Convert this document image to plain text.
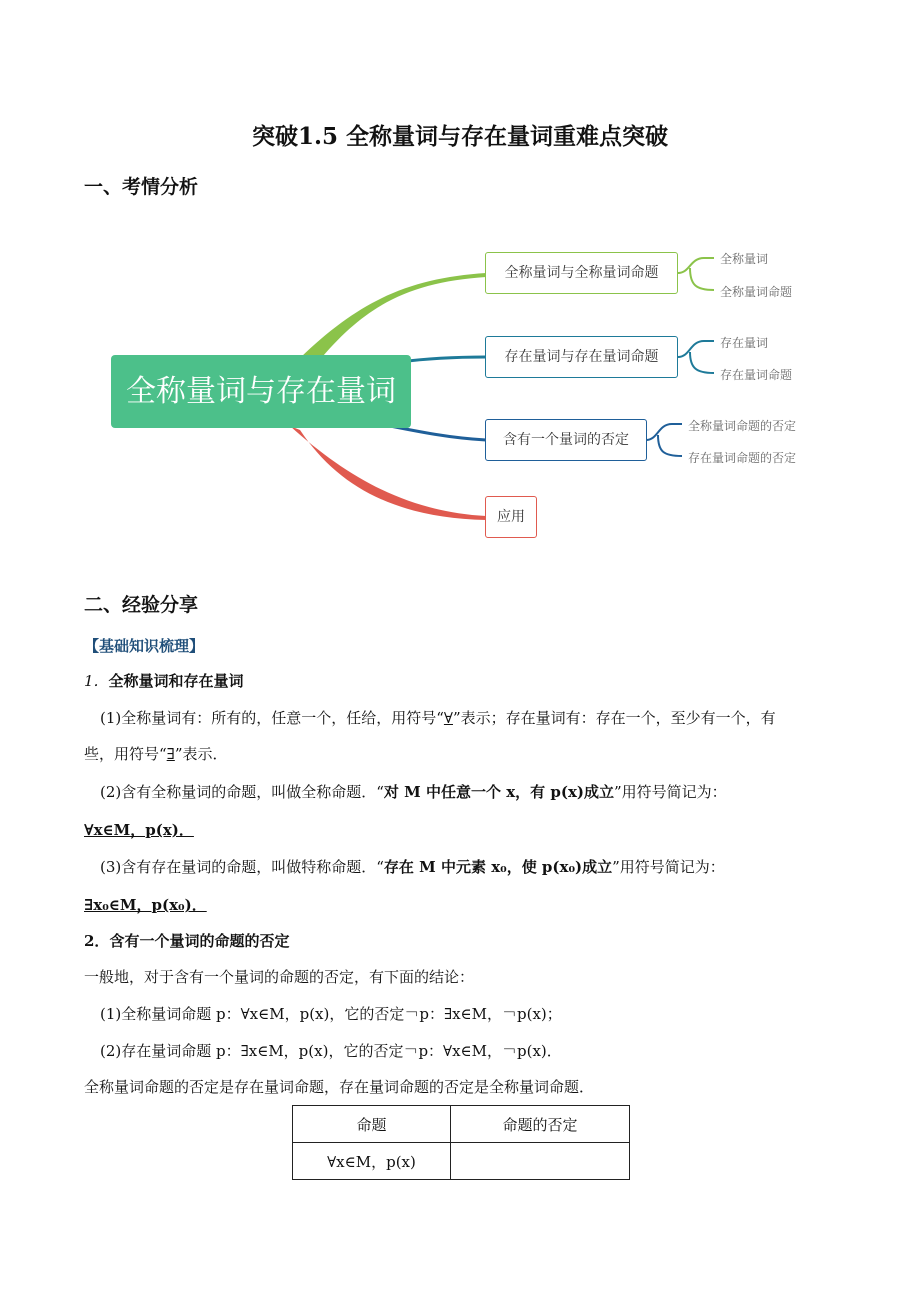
突破1.5 全称量词与存在量词重难点突破
一、考情分析
全称量词与存在量词
全称量词与全称量词命题
存在量词与存在量词命题
含有一个量词的否定
应用
全称量词
全称量词命题
存在量词
存在量词命题
全称量词命题的否定
存在量词命题的否定
二、经验分享
【基础知识梳理】
1．全称量词和存在量词
(1)全称量词有：所有的，任意一个，任给，用符号“∀”表示；存在量词有：存在一个，至少有一个，有
些，用符号“∃”表示．
(2)含有全称量词的命题，叫做全称命题．“对 M 中任意一个 x，有 p(x)成立”用符号简记为：
∀x∈M，p(x)．
(3)含有存在量词的命题，叫做特称命题．“存在 M 中元素 x₀，使 p(x₀)成立”用符号简记为：
∃x₀∈M，p(x₀)．
2．含有一个量词的命题的否定
一般地，对于含有一个量词的命题的否定，有下面的结论：
(1)全称量词命题 p：∀x∈M，p(x)，它的否定￢p：∃x∈M，￢p(x)；
(2)存在量词命题 p：∃x∈M，p(x)，它的否定￢p：∀x∈M，￢p(x)．
全称量词命题的否定是存在量词命题，存在量词命题的否定是全称量词命题．
命题	命题的否定
∀x∈M，p(x)	
